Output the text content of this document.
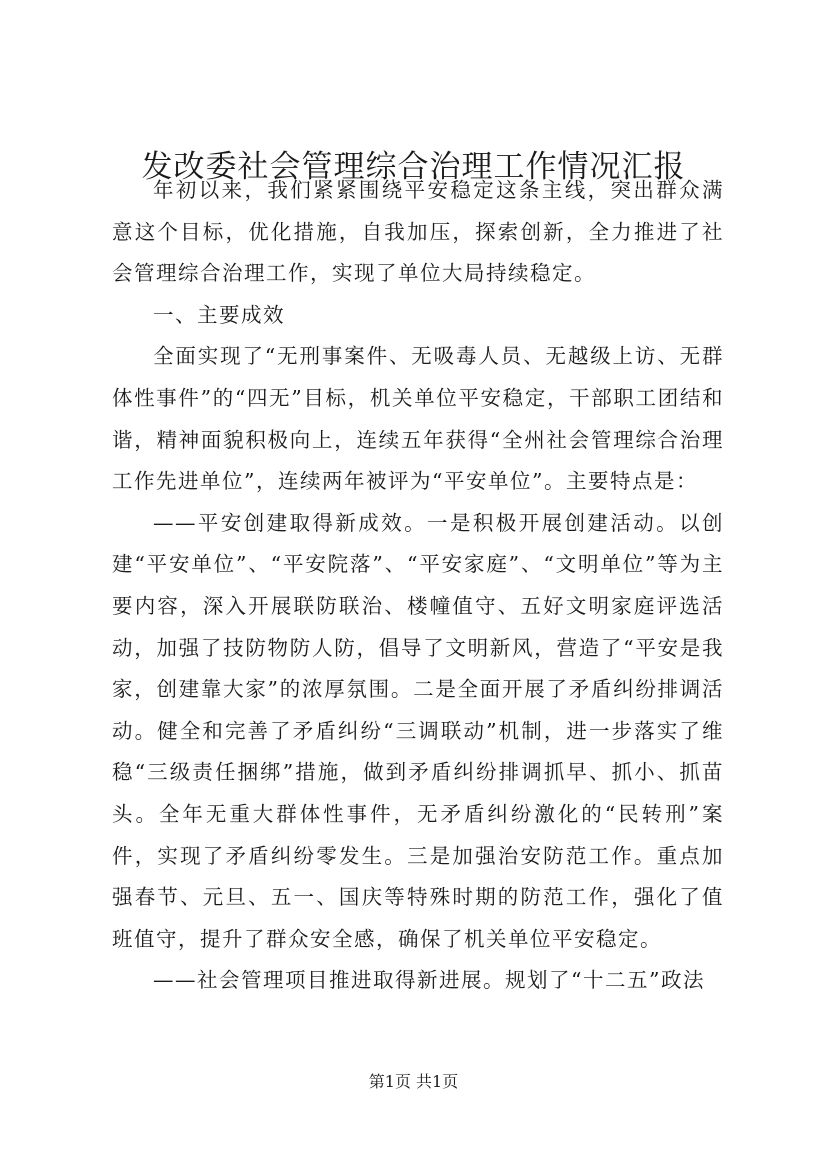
发改委社会管理综合治理工作情况汇报

年初以来，我们紧紧围绕平安稳定这条主线，突出群众满意这个目标，优化措施，自我加压，探索创新，全力推进了社会管理综合治理工作，实现了单位大局持续稳定。

一、主要成效

全面实现了“无刑事案件、无吸毒人员、无越级上访、无群体性事件”的“四无”目标，机关单位平安稳定，干部职工团结和谐，精神面貌积极向上，连续五年获得“全州社会管理综合治理工作先进单位”，连续两年被评为“平安单位”。主要特点是：

——平安创建取得新成效。一是积极开展创建活动。以创建“平安单位”、“平安院落”、“平安家庭”、“文明单位”等为主要内容，深入开展联防联治、楼幢值守、五好文明家庭评选活动，加强了技防物防人防，倡导了文明新风，营造了“平安是我家，创建靠大家”的浓厚氛围。二是全面开展了矛盾纠纷排调活动。健全和完善了矛盾纠纷“三调联动”机制，进一步落实了维稳“三级责任捆绑”措施，做到矛盾纠纷排调抓早、抓小、抓苗头。全年无重大群体性事件，无矛盾纠纷激化的“民转刑”案件，实现了矛盾纠纷零发生。三是加强治安防范工作。重点加强春节、元旦、五一、国庆等特殊时期的防范工作，强化了值班值守，提升了群众安全感，确保了机关单位平安稳定。

——社会管理项目推进取得新进展。规划了“十二五”政法

第1页 共1页
